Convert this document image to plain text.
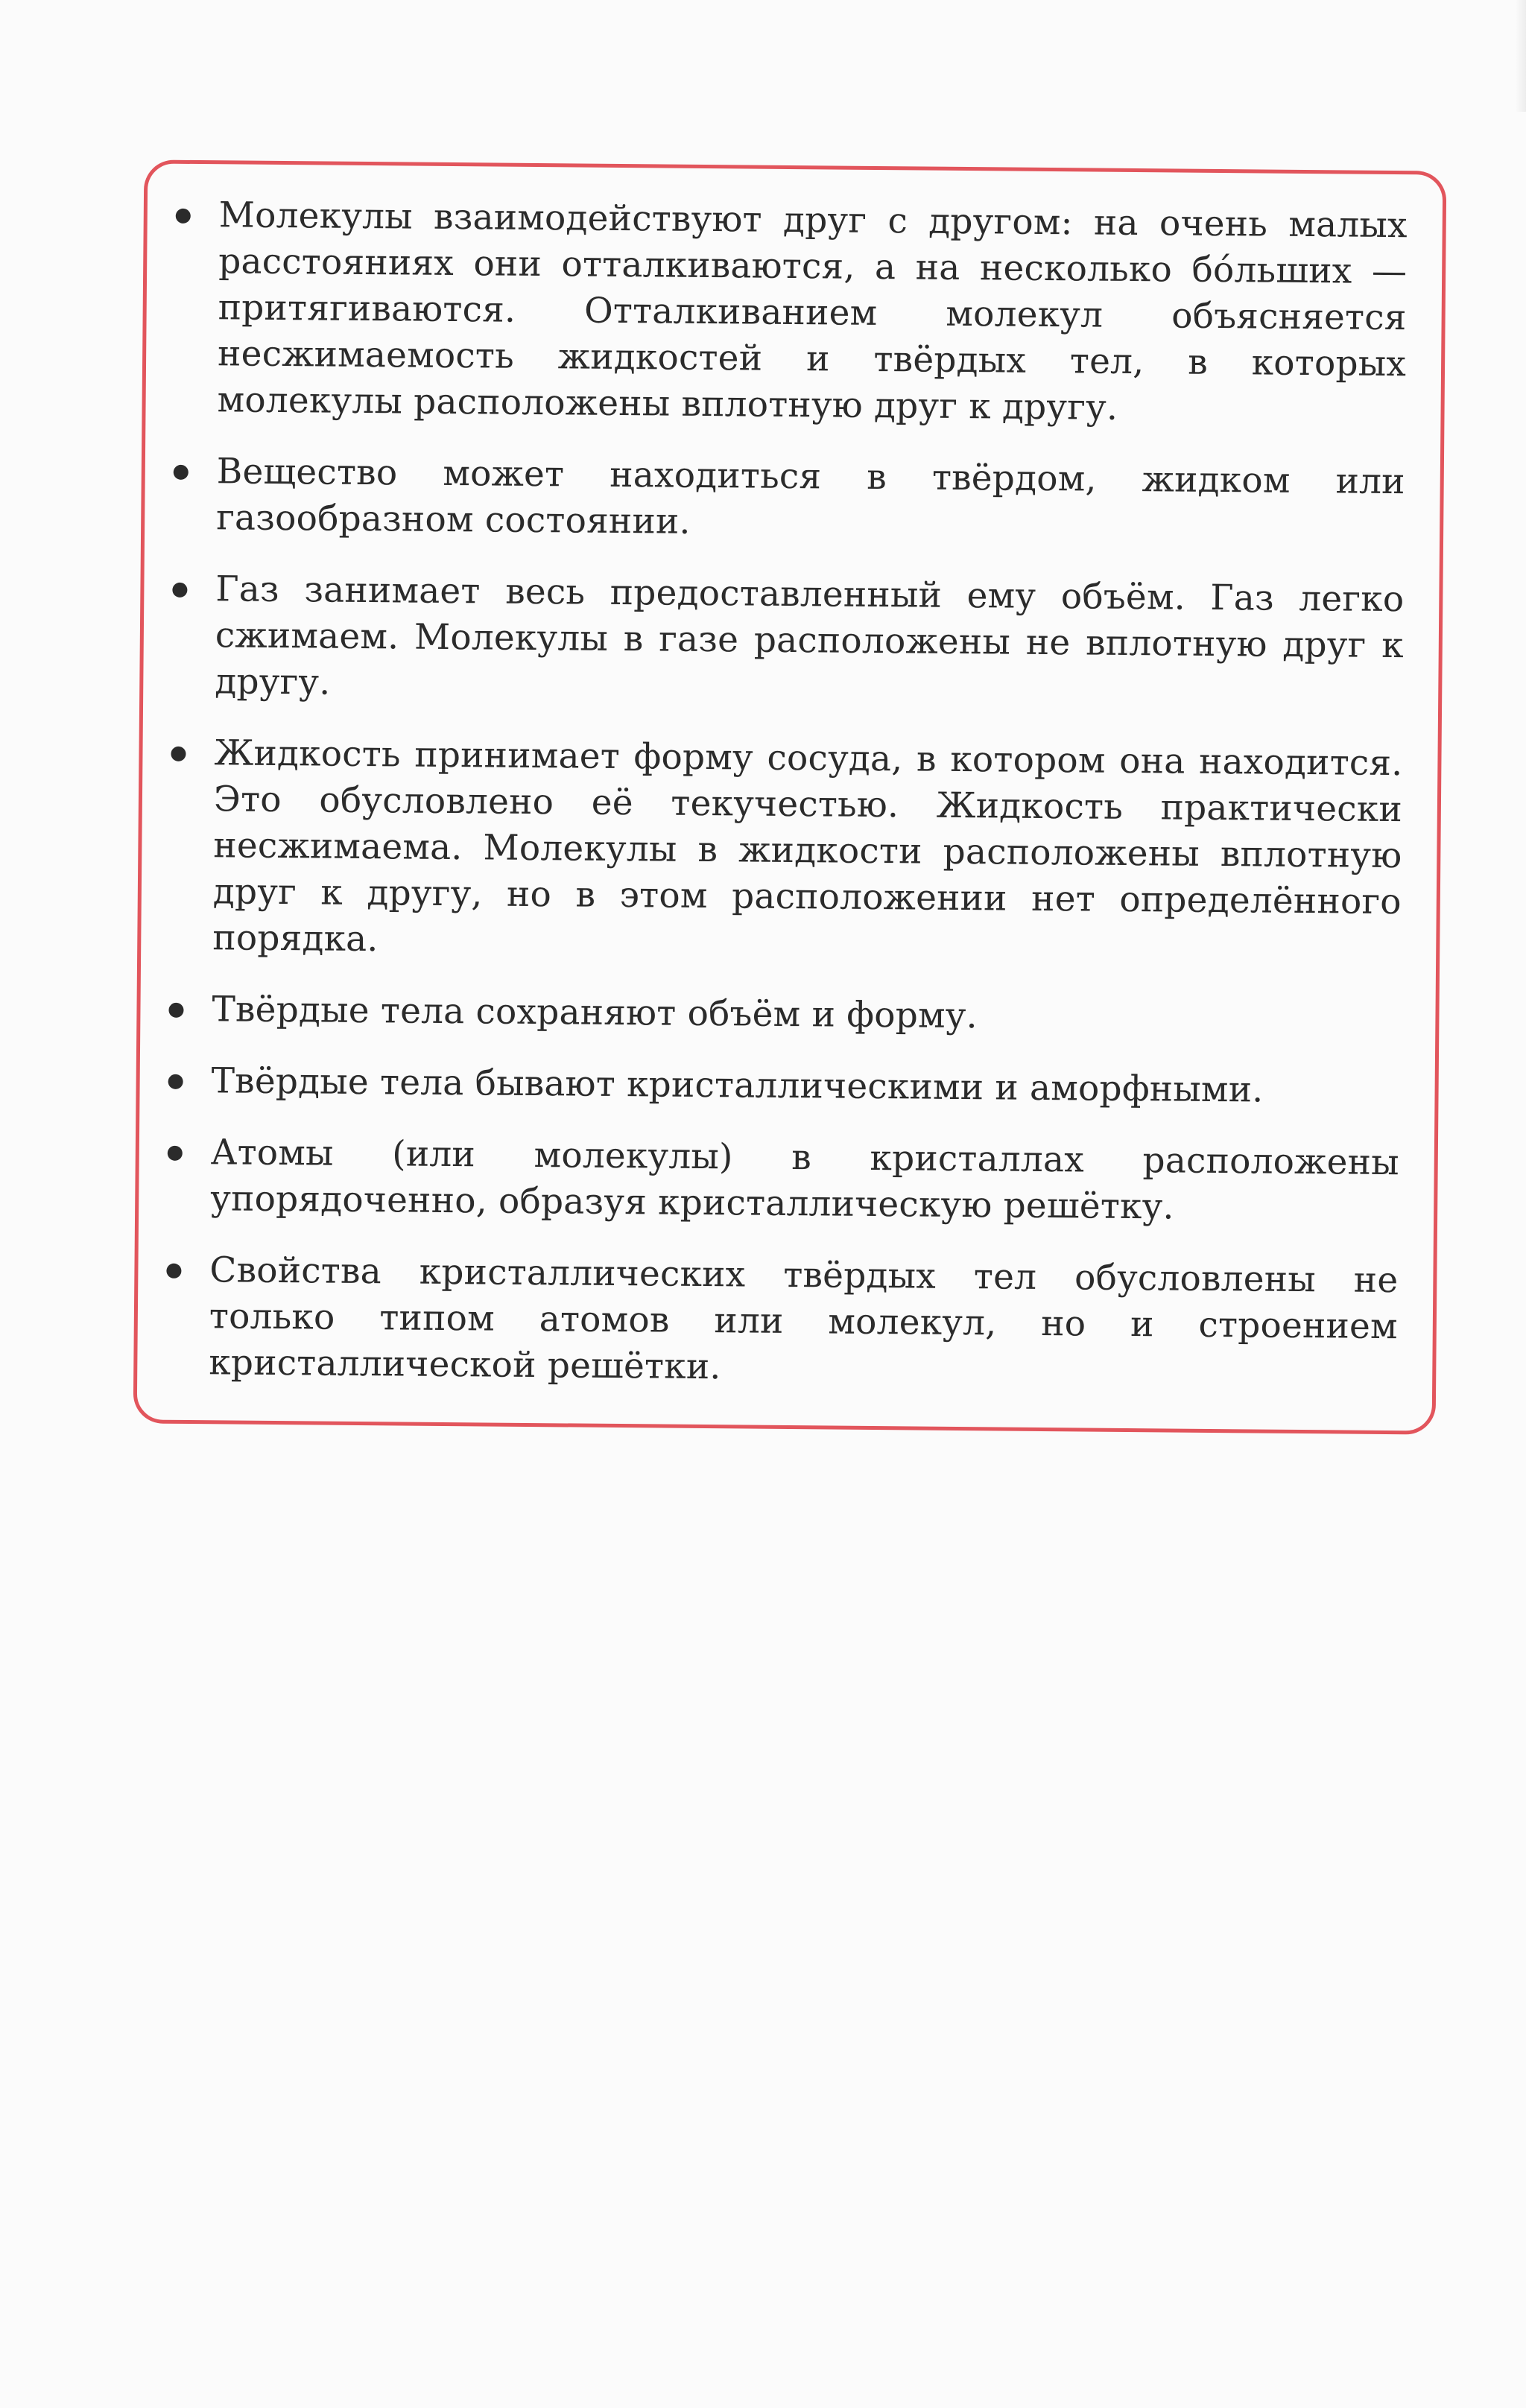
Молекулы взаимодействуют друг с другом: на очень малых расстояниях они отталкиваются, а на несколько бо́льших — притягиваются. Отталкиванием молекул объясняется несжимаемость жидкостей и твёрдых тел, в которых молекулы расположены вплотную друг к другу.
Вещество может находиться в твёрдом, жидком или газообразном состоянии.
Газ занимает весь предоставленный ему объём. Газ легко сжимаем. Молекулы в газе расположены не вплотную друг к другу.
Жидкость принимает форму сосуда, в котором она находится. Это обусловлено её текучестью. Жидкость практически несжимаема. Молекулы в жидкости расположены вплотную друг к другу, но в этом расположении нет определённого порядка.
Твёрдые тела сохраняют объём и форму.
Твёрдые тела бывают кристаллическими и аморфными.
Атомы (или молекулы) в кристаллах расположены упорядоченно, образуя кристаллическую решётку.
Свойства кристаллических твёрдых тел обусловлены не только типом атомов или молекул, но и строением кристаллической решётки.
